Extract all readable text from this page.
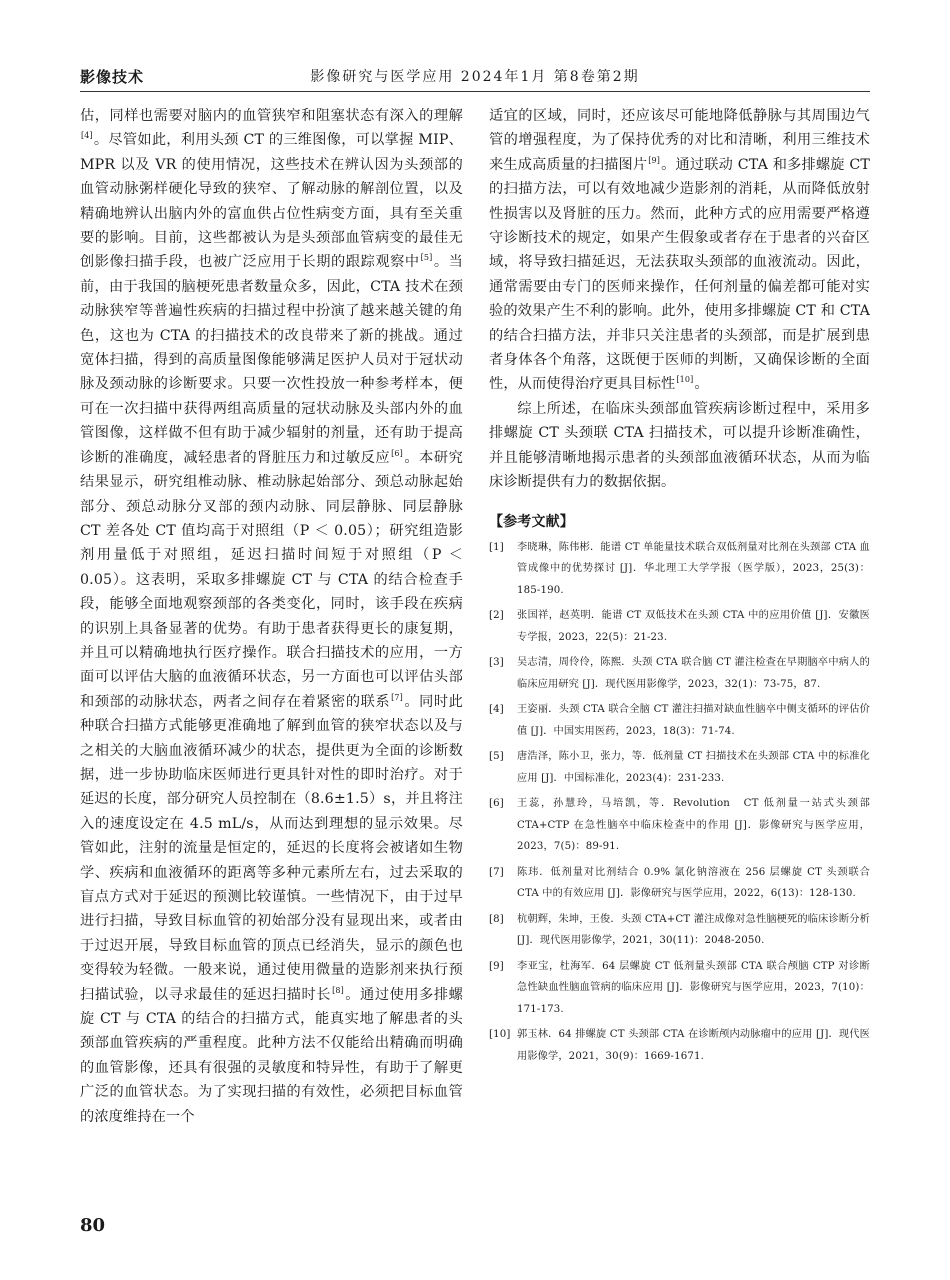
影像技术	影像研究与医学应用 2024年1月 第8卷第2期

估，同样也需要对脑内的血管狭窄和阻塞状态有深入的理解[4]。尽管如此，利用头颈 CT 的三维图像，可以掌握 MIP、MPR 以及 VR 的使用情况，这些技术在辨认因为头颈部的血管动脉粥样硬化导致的狭窄、了解动脉的解剖位置，以及精确地辨认出脑内外的富血供占位性病变方面，具有至关重要的影响。目前，这些都被认为是头颈部血管病变的最佳无创影像扫描手段，也被广泛应用于长期的跟踪观察中[5]。当前，由于我国的脑梗死患者数量众多，因此，CTA 技术在颈动脉狭窄等普遍性疾病的扫描过程中扮演了越来越关键的角色，这也为 CTA 的扫描技术的改良带来了新的挑战。通过宽体扫描，得到的高质量图像能够满足医护人员对于冠状动脉及颈动脉的诊断要求。只要一次性投放一种参考样本，便可在一次扫描中获得两组高质量的冠状动脉及头部内外的血管图像，这样做不但有助于减少辐射的剂量，还有助于提高诊断的准确度，减轻患者的肾脏压力和过敏反应[6]。本研究结果显示，研究组椎动脉、椎动脉起始部分、颈总动脉起始部分、颈总动脉分叉部的颈内动脉、同层静脉、同层静脉 CT 差各处 CT 值均高于对照组（P ＜ 0.05）；研究组造影剂用量低于对照组，延迟扫描时间短于对照组（P ＜ 0.05）。这表明，采取多排螺旋 CT 与 CTA 的结合检查手段，能够全面地观察颈部的各类变化，同时，该手段在疾病的识别上具备显著的优势。有助于患者获得更长的康复期，并且可以精确地执行医疗操作。联合扫描技术的应用，一方面可以评估大脑的血液循环状态，另一方面也可以评估头部和颈部的动脉状态，两者之间存在着紧密的联系[7]。同时此种联合扫描方式能够更准确地了解到血管的狭窄状态以及与之相关的大脑血液循环减少的状态，提供更为全面的诊断数据，进一步协助临床医师进行更具针对性的即时治疗。对于延迟的长度，部分研究人员控制在（8.6±1.5）s，并且将注入的速度设定在 4.5 mL/s，从而达到理想的显示效果。尽管如此，注射的流量是恒定的，延迟的长度将会被诸如生物学、疾病和血液循环的距离等多种元素所左右，过去采取的盲点方式对于延迟的预测比较谨慎。一些情况下，由于过早进行扫描，导致目标血管的初始部分没有显现出来，或者由于过迟开展，导致目标血管的顶点已经消失，显示的颜色也变得较为轻微。一般来说，通过使用微量的造影剂来执行预扫描试验，以寻求最佳的延迟扫描时长[8]。通过使用多排螺旋 CT 与 CTA 的结合的扫描方式，能真实地了解患者的头颈部血管疾病的严重程度。此种方法不仅能给出精确而明确的血管影像，还具有很强的灵敏度和特异性，有助于了解更广泛的血管状态。为了实现扫描的有效性，必须把目标血管的浓度维持在一个

适宜的区域，同时，还应该尽可能地降低静脉与其周围边气管的增强程度，为了保持优秀的对比和清晰，利用三维技术来生成高质量的扫描图片[9]。通过联动 CTA 和多排螺旋 CT 的扫描方法，可以有效地减少造影剂的消耗，从而降低放射性损害以及肾脏的压力。然而，此种方式的应用需要严格遵守诊断技术的规定，如果产生假象或者存在于患者的兴奋区域，将导致扫描延迟，无法获取头颈部的血液流动。因此，通常需要由专门的医师来操作，任何剂量的偏差都可能对实验的效果产生不利的影响。此外，使用多排螺旋 CT 和 CTA 的结合扫描方法，并非只关注患者的头颈部，而是扩展到患者身体各个角落，这既便于医师的判断，又确保诊断的全面性，从而使得治疗更具目标性[10]。

综上所述，在临床头颈部血管疾病诊断过程中，采用多排螺旋 CT 头颈联 CTA 扫描技术，可以提升诊断准确性，并且能够清晰地揭示患者的头颈部血液循环状态，从而为临床诊断提供有力的数据依据。

【参考文献】
[1] 李晓琳，陈伟彬．能谱 CT 单能量技术联合双低剂量对比剂在头颈部 CTA 血管成像中的优势探讨 [J]．华北理工大学学报（医学版），2023，25(3)：185-190.
[2] 张国祥，赵英明．能谱 CT 双低技术在头颈 CTA 中的应用价值 [J]．安徽医专学报，2023，22(5)：21-23.
[3] 吴志清，周伶伶，陈熙．头颈 CTA 联合脑 CT 灌注检查在早期脑卒中病人的临床应用研究 [J]．现代医用影像学，2023，32(1)：73-75，87.
[4] 王姿丽．头颈 CTA 联合全脑 CT 灌注扫描对缺血性脑卒中侧支循环的评估价值 [J]．中国实用医药，2023，18(3)：71-74.
[5] 唐浩泽，陈小卫，张力，等．低剂量 CT 扫描技术在头颈部 CTA 中的标准化应用 [J]．中国标准化，2023(4)：231-233.
[6] 王蕊，孙慧玲，马培凯，等．Revolution　CT 低剂量一站式头颈部 CTA+CTP 在急性脑卒中临床检查中的作用 [J]．影像研究与医学应用，2023，7(5)：89-91.
[7] 陈玮．低剂量对比剂结合 0.9% 氯化钠溶液在 256 层螺旋 CT 头颈联合 CTA 中的有效应用 [J]．影像研究与医学应用，2022，6(13)：128-130.
[8] 杭朝辉，朱坤，王俊．头颈 CTA+CT 灌注成像对急性脑梗死的临床诊断分析 [J]．现代医用影像学，2021，30(11)：2048-2050.
[9] 李亚宝，杜海军．64 层螺旋 CT 低剂量头颈部 CTA 联合颅脑 CTP 对诊断急性缺血性脑血管病的临床应用 [J]．影像研究与医学应用，2023，7(10)：171-173.
[10] 郭玉林．64 排螺旋 CT 头颈部 CTA 在诊断颅内动脉瘤中的应用 [J]．现代医用影像学，2021，30(9)：1669-1671.
80
